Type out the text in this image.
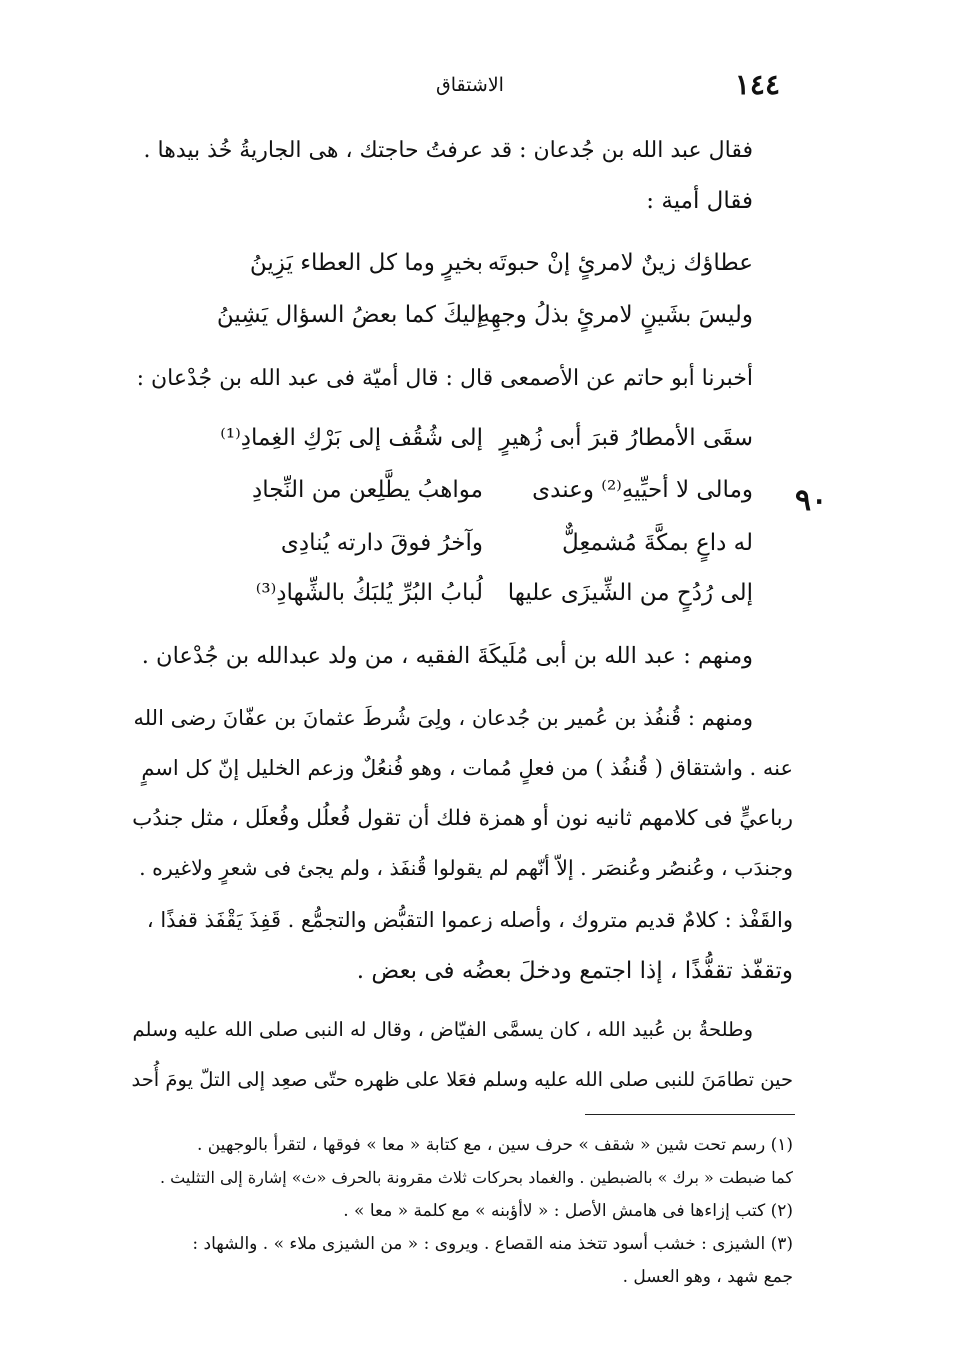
١٤٤
الاشتقاق
فقال عبد الله بن جُدعان : قد عرفتُ حاجتك ، هى الجاريةُ خُذ بيدها .
فقال أمية :
عطاؤك زينٌ لامرئٍ إنْ حبوتَه
بخيرٍ وما كل العطاء يَزِينُ
وليسَ بشَينٍ لامرئٍ بذلُ وجهِهِ
إليكَ كما بعضُ السؤال يَشِينُ
أخبرنا أبو حاتم عن الأصمعى قال : قال أميّة فى عبد الله بن جُدْعان :
سقَى الأمطارُ قبرَ أبى زُهيرٍ
إلى شُقُف إلى بَرْكِ الغِمادِ⁽¹⁾
ومالى لا أحيِّيهِ⁽²⁾ وعندى
مواهبُ يطَّلِعن من النِّجادِ
له داعٍ بمكَّةَ مُشمعِلٌّ
وآخرُ فوقَ دارته يُنادِى
إلى رُدُحٍ من الشِّيزَى عليها
لُبابُ البُرِّ يُلبَكُ بالشِّهادِ⁽³⁾
٩٠
ومنهم : عبد الله بن أبى مُلَيكَةَ الفقيه ، من ولد عبدالله بن جُدْعان .
ومنهم : قُنفُذ بن عُمير بن جُدعان ، ولِىَ شُرطَ عثمانَ بن عفّانَ رضى الله
عنه . واشتقاق ( قُنفُذ ) من فعلٍ مُمات ، وهو فُنعُلٌ وزعم الخليل إنّ كل اسمٍ
رباعيٍّ فى كلامهم ثانيه نون أو همزة فلك أن تقول فُعلُل وفُعلَل ، مثل جندُب
وجندَب ، وعُنصُر وعُنصَر . إلاّ أنّهم لم يقولوا قُنفَذ ، ولم يجئ فى شعرٍ ولاغيره .
والقَفْذ : كلامٌ قديم متروك ، وأصله زعموا التقبُّض والتجمُّع . قَفِذَ يَقْفَذ قفذًا ،
وتقفّذ تقفُّذًا ، إذا اجتمع ودخلَ بعضُه فى بعض .
وطلحةُ بن عُبيد الله ، كان يسمَّى الفيّاض ، وقال له النبى صلى الله عليه وسلم
حين تطامَنَ للنبى صلى الله عليه وسلم فعَلا على ظهره حتّى صعِد إلى التلّ يومَ أُحد
(١) رسم تحت شين « شقف » حرف سين ، مع كتابة « معا » فوقها ، لتقرأ بالوجهين .
كما ضبطت « برك » بالضبطين . والغماد بحركات ثلاث مقرونة بالحرف «ث» إشارة إلى التثليث .
(٢) كتب إزاءها فى هامش الأصل : « لاأؤبنه » مع كلمة « معا » .
(٣) الشيزى : خشب أسود تتخذ منه القصاع . ويروى : « من الشيزى ملاء » . والشهاد :
جمع شهد ، وهو العسل .
